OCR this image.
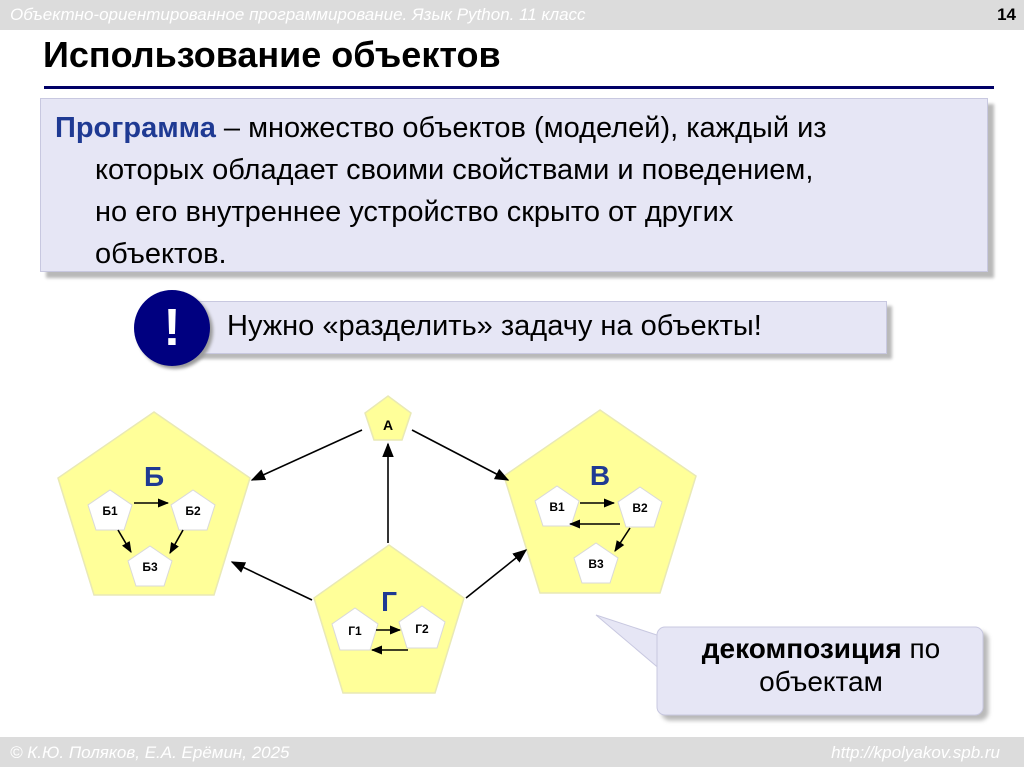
Объектно-ориентированное программирование. Язык Python. 11 класс	14
Использование объектов
Программа – множество объектов (моделей), каждый из
которых обладает своими свойствами и поведением,
но его внутреннее устройство скрыто от других
объектов.
Нужно «разделить» задачу на объекты!
!
A
Б	В
Г
Б1	Б2
Б3
В1	В2
В3
Г1	Г2
декомпозиция по
объектам
© К.Ю. Поляков, Е.А. Ерёмин, 2025	http://kpolyakov.spb.ru
